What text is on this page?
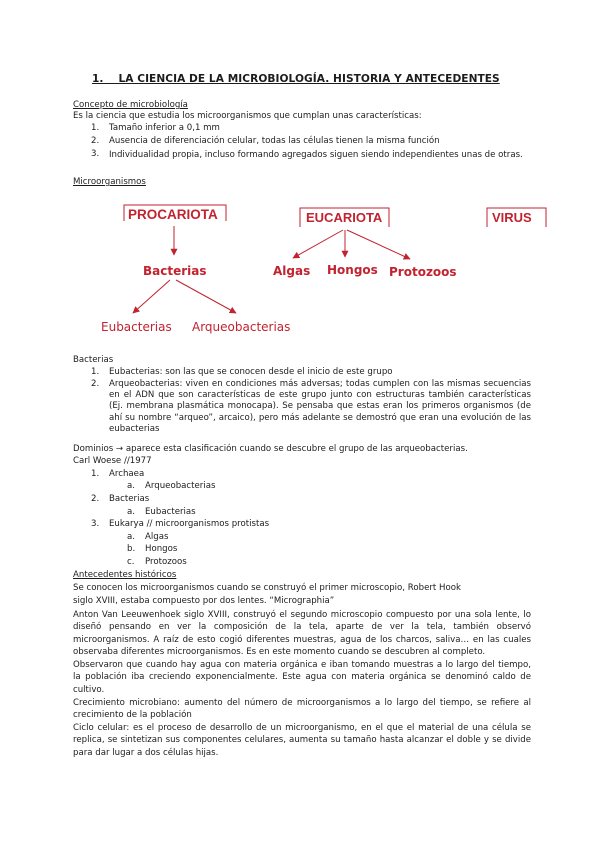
1. LA CIENCIA DE LA MICROBIOLOGÍA. HISTORIA Y ANTECEDENTES
Concepto de microbiología
Es la ciencia que estudia los microorganismos que cumplan unas características:
1. Tamaño inferior a 0,1 mm
2. Ausencia de diferenciación celular, todas las células tienen la misma función
3. Individualidad propia, incluso formando agregados siguen siendo independientes unas de otras.
Microorganismos
PROCARIOTA	EUCARIOTA	VIRUS
Bacterias	Algas Hongos Protozoos
Eubacterias Arqueobacterias
Bacterias
1. Eubacterias: son las que se conocen desde el inicio de este grupo
2. Arqueobacterias: viven en condiciones más adversas; todas cumplen con las mismas secuencias en el ADN que son características de este grupo junto con estructuras también características (Ej. membrana plasmática monocapa). Se pensaba que estas eran los primeros organismos (de ahí su nombre “arqueo”, arcaico), pero más adelante se demostró que eran una evolución de las eubacterias
Dominios → aparece esta clasificación cuando se descubre el grupo de las arqueobacterias.
Carl Woese //1977
1. Archaea
a. Arqueobacterias
2. Bacterias
a. Eubacterias
3. Eukarya // microorganismos protistas
a. Algas
b. Hongos
c. Protozoos
Antecedentes históricos
Se conocen los microorganismos cuando se construyó el primer microscopio, Robert Hook
siglo XVIII, estaba compuesto por dos lentes. “Micrographia”
Anton Van Leeuwenhoek siglo XVIII, construyó el segundo microscopio compuesto por una sola lente, lo diseñó pensando en ver la composición de la tela, aparte de ver la tela, también observó microorganismos. A raíz de esto cogió diferentes muestras, agua de los charcos, saliva… en las cuales observaba diferentes microorganismos. Es en este momento cuando se descubren al completo.
Observaron que cuando hay agua con materia orgánica e iban tomando muestras a lo largo del tiempo, la población iba creciendo exponencialmente. Este agua con materia orgánica se denominó caldo de cultivo.
Crecimiento microbiano: aumento del número de microorganismos a lo largo del tiempo, se refiere al crecimiento de la población
Ciclo celular: es el proceso de desarrollo de un microorganismo, en el que el material de una célula se replica, se sintetizan sus componentes celulares, aumenta su tamaño hasta alcanzar el doble y se divide para dar lugar a dos células hijas.
